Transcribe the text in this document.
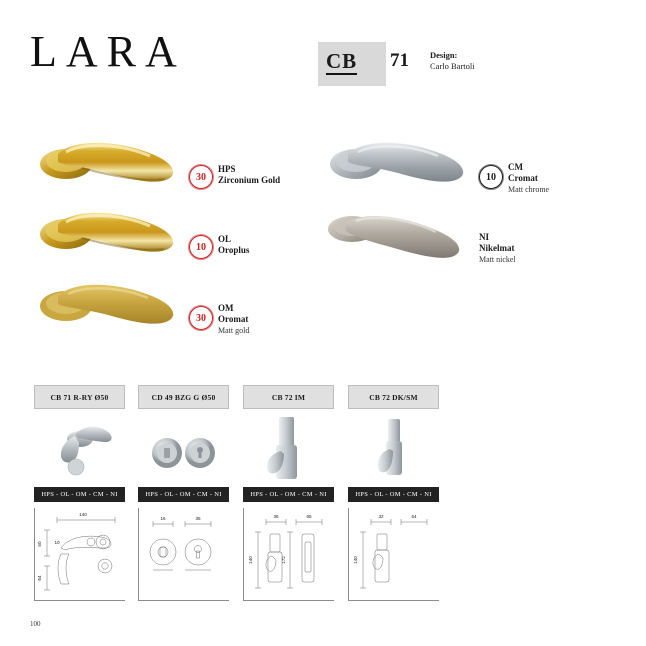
LARA	CB 71 Design:
Carlo Bartoli
30
HPS
Zirconium Gold
10
OL
Oroplus
30
OM
Oromat
Matt gold
10
CM
Cromat
Matt chrome
NI
Nikelmat
Matt nickel
CB 71 R-RY Ø50
HPS - OL - OM - CM - NI
140
50	10
64
CD 49 BZG G Ø50
HPS - OL - OM - CM - NI
16	35
CB 72 IM
HPS - OL - OM - CM - NI
36	65
140	172
CB 72 DK/SM
HPS - OL - OM - CM - NI
32	64
140
100
